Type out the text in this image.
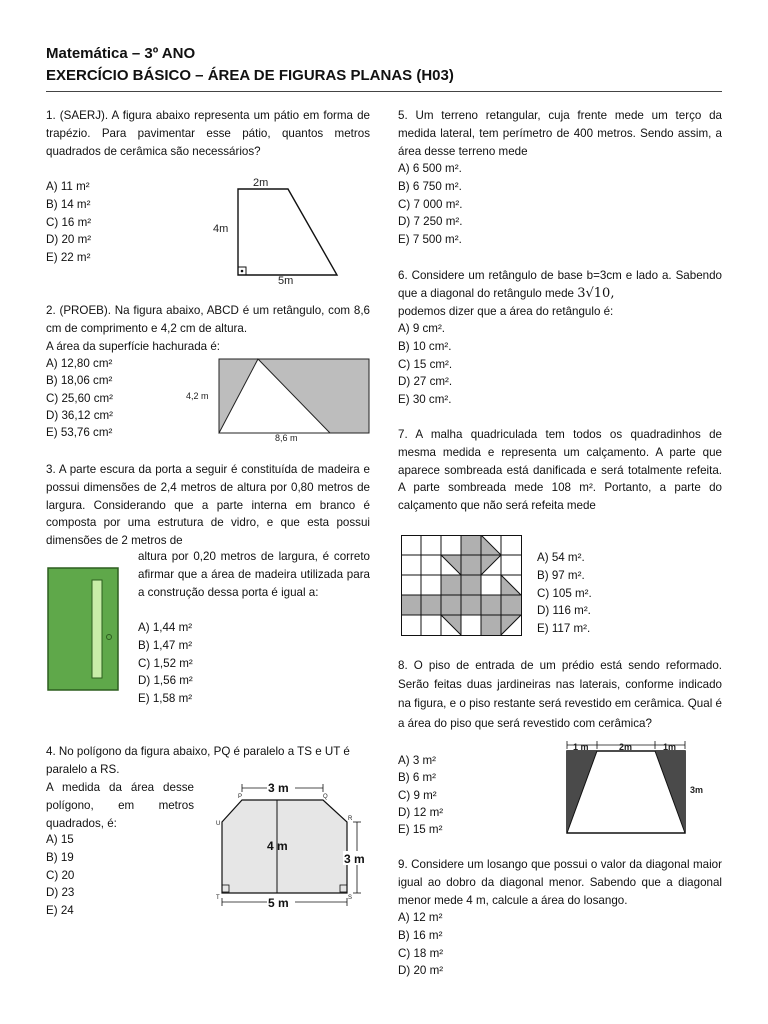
Matemática – 3º ANO
EXERCÍCIO BÁSICO – ÁREA DE FIGURAS PLANAS (H03)
1. (SAERJ). A figura abaixo representa um pátio em forma de trapézio. Para pavimentar esse pátio, quantos metros quadrados de cerâmica são necessários?
A) 11 m²
B) 14 m²
C) 16 m²
D) 20 m²
E) 22 m²
2m
4m
5m
2. (PROEB). Na figura abaixo, ABCD é um retângulo, com 8,6 cm de comprimento e 4,2 cm de altura.
A área da superfície hachurada é:
A) 12,80 cm²
B) 18,06 cm²
C) 25,60 cm²
D) 36,12 cm²
E) 53,76 cm²
4,2 m
8,6 m
3. A parte escura da porta a seguir é constituída de madeira e possui dimensões de 2,4 metros de altura por 0,80 metros de largura. Considerando que a parte interna em branco é composta por uma estrutura de vidro, e que esta possui dimensões de 2 metros de
altura por 0,20 metros de largura, é correto afirmar que a área de madeira utilizada para a construção dessa porta é igual a:
A) 1,44 m²
B) 1,47 m²
C) 1,52 m²
D) 1,56 m²
E) 1,58 m²
4. No polígono da figura abaixo, PQ é paralelo a TS e UT é paralelo a RS.
A medida da área desse polígono, em metros quadrados, é:
A) 15
B) 19
C) 20
D) 23
E) 24
3 m
4 m
3 m
5 m
P	Q
R
S
T
U
5. Um terreno retangular, cuja frente mede um terço da medida lateral, tem perímetro de 400 metros. Sendo assim, a área desse terreno mede
A) 6 500 m².
B) 6 750 m².
C) 7 000 m².
D) 7 250 m².
E) 7 500 m².
6. Considere um retângulo de base b=3cm e lado a. Sabendo que a diagonal do retângulo mede 3√10,
podemos dizer que a área do retângulo é:
A) 9 cm².
B) 10 cm².
C) 15 cm².
D) 27 cm².
E) 30 cm².
7. A malha quadriculada tem todos os quadradinhos de mesma medida e representa um calçamento. A parte que aparece sombreada está danificada e será totalmente refeita. A parte sombreada mede 108 m². Portanto, a parte do calçamento que não será refeita mede
A) 54 m².
B) 97 m².
C) 105 m².
D) 116 m².
E) 117 m².
8. O piso de entrada de um prédio está sendo reformado. Serão feitas duas jardineiras nas laterais, conforme indicado na figura, e o piso restante será revestido em cerâmica. Qual é a área do piso que será revestido com cerâmica?
A) 3 m²
B) 6 m²
C) 9 m²
D) 12 m²
E) 15 m²
1 m	2m	1m
3m
9. Considere um losango que possui o valor da diagonal maior igual ao dobro da diagonal menor. Sabendo que a diagonal menor mede 4 m, calcule a área do losango.
A) 12 m²
B) 16 m²
C) 18 m²
D) 20 m²
